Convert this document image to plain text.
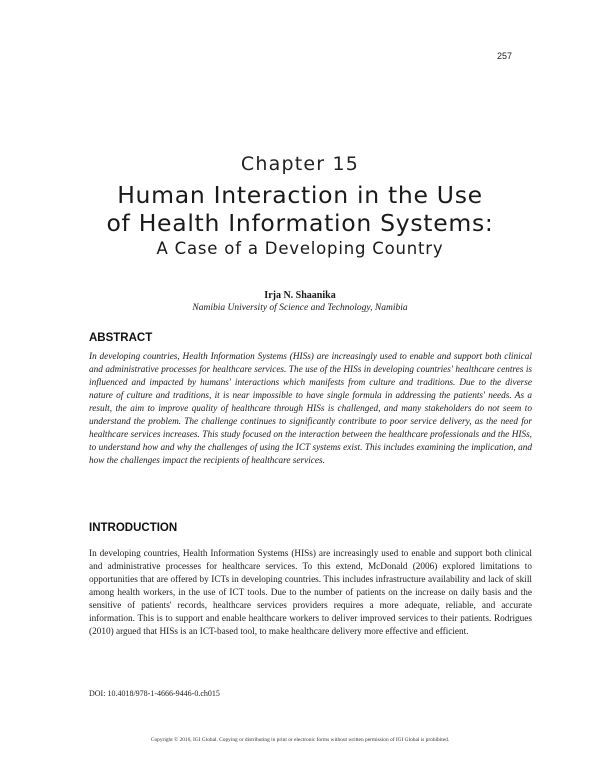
257
Chapter 15
Human Interaction in the Use
of Health Information Systems:
A Case of a Developing Country
Irja N. Shaanika
Namibia University of Science and Technology, Namibia
ABSTRACT
In developing countries, Health Information Systems (HISs) are increasingly used to enable and support both clinical and administrative processes for healthcare services. The use of the HISs in developing countries' healthcare centres is influenced and impacted by humans' interactions which manifests from culture and traditions. Due to the diverse nature of culture and traditions, it is near impossible to have single formula in addressing the patients' needs. As a result, the aim to improve quality of healthcare through HISs is challenged, and many stakeholders do not seem to understand the problem. The challenge continues to significantly contribute to poor service delivery, as the need for healthcare services increases. This study focused on the interaction between the healthcare professionals and the HISs, to understand how and why the challenges of using the ICT systems exist. This includes examining the implication, and how the challenges impact the recipients of healthcare services.
INTRODUCTION
In developing countries, Health Information Systems (HISs) are increasingly used to enable and support both clinical and administrative processes for healthcare services. To this extend, McDonald (2006) explored limitations to opportunities that are offered by ICTs in developing countries. This includes infrastructure availability and lack of skill among health workers, in the use of ICT tools. Due to the number of patients on the increase on daily basis and the sensitive of patients' records, healthcare services providers requires a more adequate, reliable, and accurate information. This is to support and enable healthcare workers to deliver improved services to their patients. Rodrigues (2010) argued that HISs is an ICT-based tool, to make healthcare delivery more effective and efficient.
DOI: 10.4018/978-1-4666-9446-0.ch015
Copyright © 2016, IGI Global. Copying or distributing in print or electronic forms without written permission of IGI Global is prohibited.
